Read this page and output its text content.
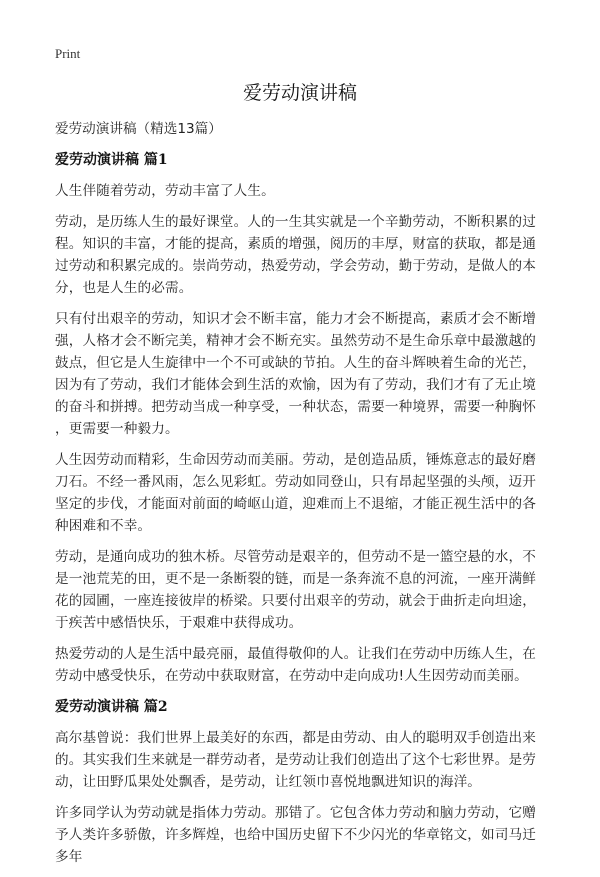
Print
爱劳动演讲稿
爱劳动演讲稿（精选13篇）
爱劳动演讲稿 篇1

人生伴随着劳动，劳动丰富了人生。

劳动，是历练人生的最好课堂。人的一生其实就是一个辛勤劳动，不断积累的过程。知识的丰富，才能的提高，素质的增强，阅历的丰厚，财富的获取，都是通过劳动和积累完成的。崇尚劳动，热爱劳动，学会劳动，勤于劳动，是做人的本分，也是人生的必需。

只有付出艰辛的劳动，知识才会不断丰富，能力才会不断提高，素质才会不断增强，人格才会不断完美，精神才会不断充实。虽然劳动不是生命乐章中最激越的鼓点，但它是人生旋律中一个不可或缺的节拍。人生的奋斗辉映着生命的光芒，因为有了劳动，我们才能体会到生活的欢愉，因为有了劳动，我们才有了无止境的奋斗和拼搏。把劳动当成一种享受，一种状态，需要一种境界，需要一种胸怀，更需要一种毅力。

人生因劳动而精彩，生命因劳动而美丽。劳动，是创造品质，锤炼意志的最好磨刀石。不经一番风雨，怎么见彩虹。劳动如同登山，只有昂起坚强的头颅，迈开坚定的步伐，才能面对前面的崎岖山道，迎难而上不退缩，才能正视生活中的各种困难和不幸。

劳动，是通向成功的独木桥。尽管劳动是艰辛的，但劳动不是一篮空悬的水，不是一池荒芜的田，更不是一条断裂的链，而是一条奔流不息的河流，一座开满鲜花的园圃，一座连接彼岸的桥梁。只要付出艰辛的劳动，就会于曲折走向坦途，于疾苦中感悟快乐，于艰难中获得成功。

热爱劳动的人是生活中最亮丽，最值得敬仰的人。让我们在劳动中历练人生，在劳动中感受快乐，在劳动中获取财富，在劳动中走向成功!人生因劳动而美丽。

爱劳动演讲稿 篇2

高尔基曾说：我们世界上最美好的东西，都是由劳动、由人的聪明双手创造出来的。其实我们生来就是一群劳动者，是劳动让我们创造出了这个七彩世界。是劳动，让田野瓜果处处飘香，是劳动，让红领巾喜悦地飘进知识的海洋。

许多同学认为劳动就是指体力劳动。那错了。它包含体力劳动和脑力劳动，它赠予人类许多骄傲，许多辉煌，也给中国历史留下不少闪光的华章铭文，如司马迁多年
